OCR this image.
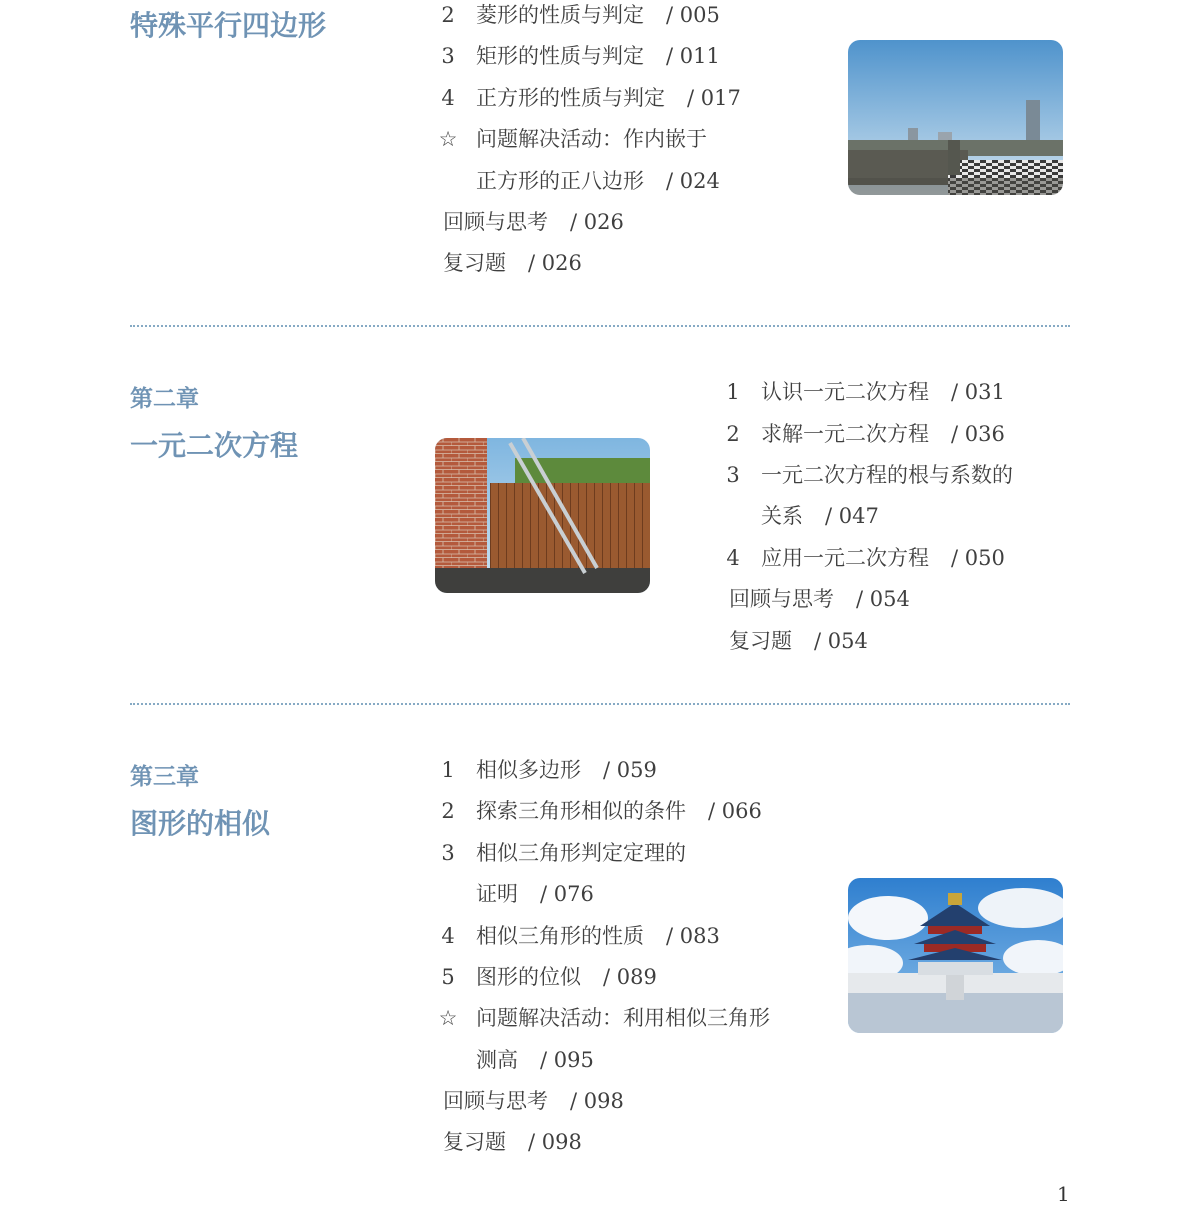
特殊平行四边形	2 菱形的性质与判定 / 005
3 矩形的性质与判定 / 011
4 正方形的性质与判定 / 017
☆ 问题解决活动：作内嵌于
正方形的正八边形 / 024
回顾与思考 / 026
复习题 / 026
第二章
一元二次方程
1 认识一元二次方程 / 031
2 求解一元二次方程 / 036
3 一元二次方程的根与系数的
关系 / 047
4 应用一元二次方程 / 050
回顾与思考 / 054
复习题 / 054
第三章
图形的相似
1 相似多边形 / 059
2 探索三角形相似的条件 / 066
3 相似三角形判定定理的
证明 / 076
4 相似三角形的性质 / 083
5 图形的位似 / 089
☆ 问题解决活动：利用相似三角形
测高 / 095
回顾与思考 / 098
复习题 / 098
1
